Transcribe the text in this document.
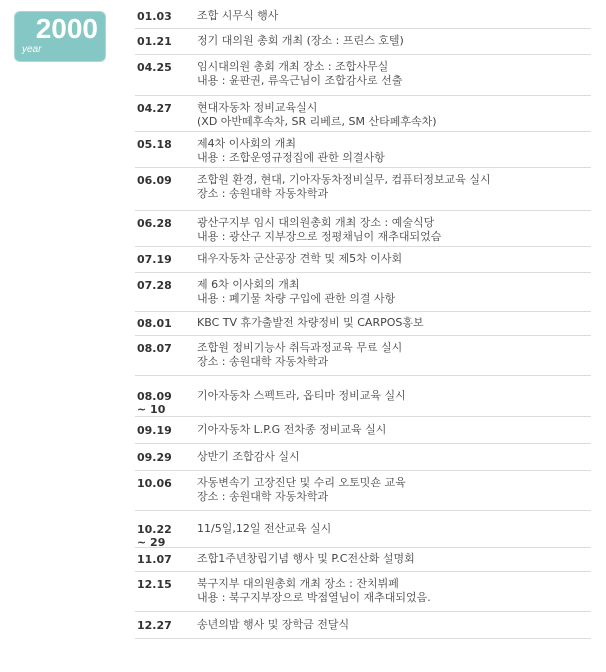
2000
year
01.03 조합 시무식 행사
01.21 정기 대의원 총회 개최 (장소 : 프린스 호텔)
04.25 임시대의원 총회 개최 장소 : 조합사무실
내용 : 윤판권, 류옥근님이 조합감사로 선출
04.27 현대자동차 정비교육실시
(XD 아반떼후속차, SR 리베르, SM 산타페후속차)
05.18 제4차 이사회의 개최
내용 : 조합운영규정집에 관한 의결사항
06.09 조합원 환경, 현대, 기아자동차정비실무, 컴퓨터정보교육 실시
장소 : 송원대학 자동차학과
06.28 광산구지부 임시 대의원총회 개최 장소 : 예술식당
내용 : 광산구 지부장으로 정평채님이 재추대되었슴
07.19 대우자동차 군산공장 견학 및 제5차 이사회
07.28 제 6차 이사회의 개최
내용 : 폐기물 차량 구입에 관한 의결 사항
08.01 KBC TV 휴가출발전 차량정비 및 CARPOS홍보
08.07 조합원 정비기능사 취득과정교육 무료 실시
장소 : 송원대학 자동차학과
08.09
~ 10
기아자동차 스펙트라, 옵티마 정비교육 실시
09.19 기아자동차 L.P.G 전차종 정비교육 실시
09.29 상반기 조합감사 실시
10.06 자동변속기 고장진단 및 수리 오토밋숀 교육
장소 : 송원대학 자동차학과
10.22
~ 29
11/5일,12일 전산교육 실시
11.07 조합1주년창립기념 행사 및 P.C전산화 설명회
12.15 북구지부 대의원총회 개최 장소 : 잔치뷔페
내용 : 북구지부장으로 박점열님이 재추대되었음.
12.27 송년의밤 행사 및 장학금 전달식
